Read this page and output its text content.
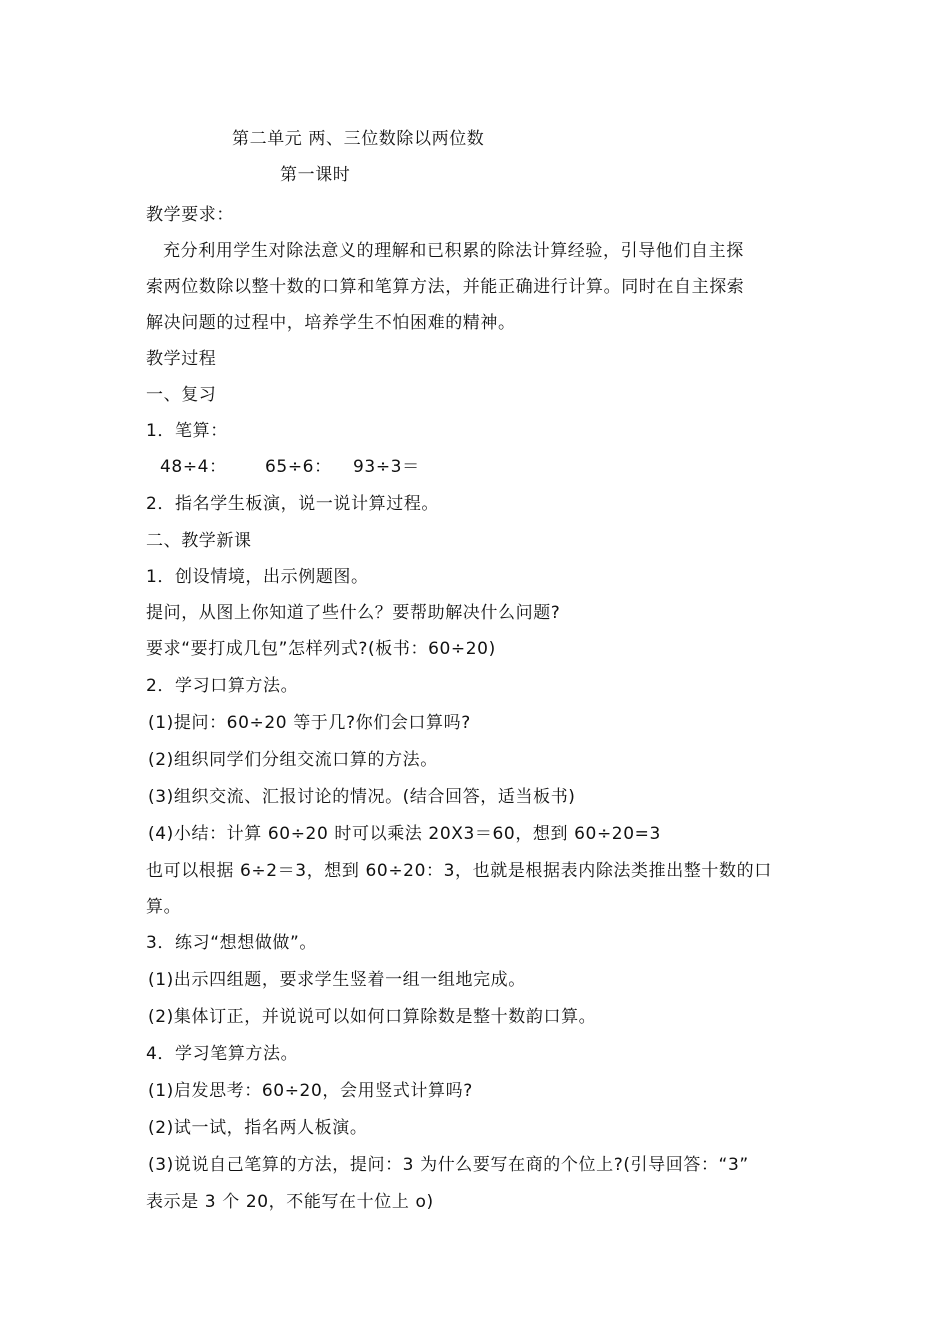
第二单元 两、三位数除以两位数
第一课时
教学要求：
充分利用学生对除法意义的理解和已积累的除法计算经验，引导他们自主探
索两位数除以整十数的口算和笔算方法，并能正确进行计算。同时在自主探索
解决问题的过程中，培养学生不怕困难的精神。
教学过程
一、复习
1．笔算：
48÷4： 65÷6： 93÷3＝
2．指名学生板演，说一说计算过程。
二、教学新课
1．创设情境，出示例题图。
提问，从图上你知道了些什么？要帮助解决什么问题?
要求“要打成几包”怎样列式?(板书：60÷20)
2．学习口算方法。
(1)提问：60÷20 等于几?你们会口算吗?
(2)组织同学们分组交流口算的方法。
(3)组织交流、汇报讨论的情况。(结合回答，适当板书)
(4)小结：计算 60÷20 时可以乘法 20X3＝60，想到 60÷20=3
也可以根据 6÷2＝3，想到 60÷20：3，也就是根据表内除法类推出整十数的口
算。
3．练习“想想做做”。
(1)出示四组题，要求学生竖着一组一组地完成。
(2)集体订正，并说说可以如何口算除数是整十数韵口算。
4．学习笔算方法。
(1)启发思考：60÷20，会用竖式计算吗?
(2)试一试，指名两人板演。
(3)说说自己笔算的方法，提问：3 为什么要写在商的个位上?(引导回答：“3”
表示是 3 个 20，不能写在十位上 o)
